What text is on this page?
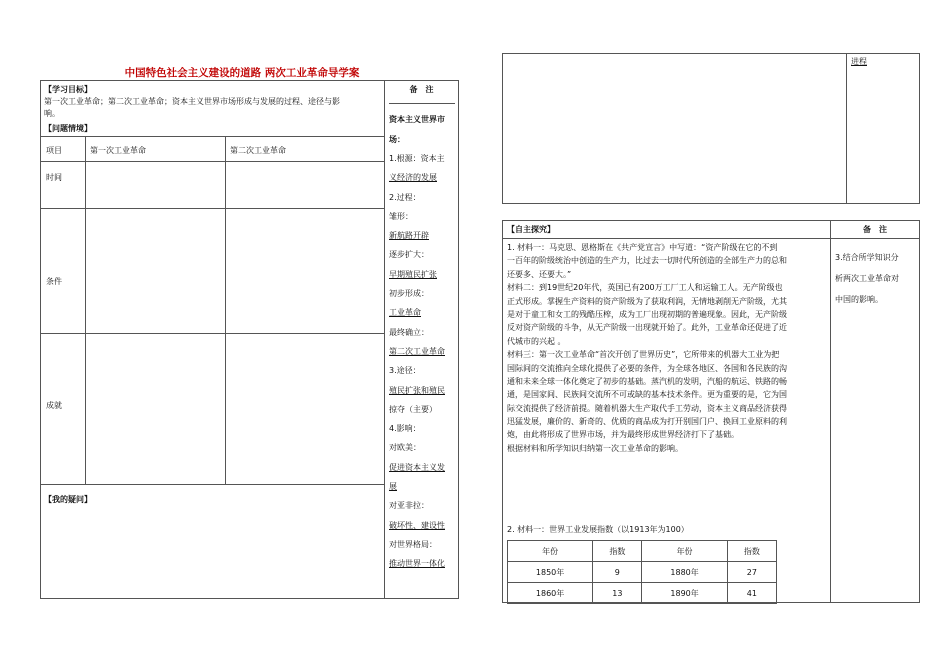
中国特色社会主义建设的道路 两次工业革命导学案
【学习目标】
第一次工业革命；第二次工业革命；资本主义世界市场形成与发展的过程、途径与影
响。
【问题情境】
项目	第一次工业革命	第二次工业革命
时间
条件
成就
【我的疑问】
备　注
资本主义世界市
场：
1.根源：资本主
义经济的发展
2.过程：
雏形：
新航路开辟
逐步扩大：
早期殖民扩张
初步形成：
工业革命
最终确立：
第二次工业革命
3.途径：
殖民扩张和殖民
掠夺（主要）
4.影响：
对欧美：
促进资本主义发
展
对亚非拉：
破坏性、建设性
对世界格局：
推动世界一体化
进程
【自主探究】
1. 材料一：马克思、恩格斯在《共产党宣言》中写道：“资产阶级在它的不到
一百年的阶级统治中创造的生产力，比过去一切时代所创造的全部生产力的总和
还要多、还要大。”
材料二：到19世纪20年代，英国已有200万工厂工人和运输工人。无产阶级也
正式形成。掌握生产资料的资产阶级为了获取利润，无情地剥削无产阶级，尤其
是对于童工和女工的残酷压榨，成为工厂出现初期的普遍现象。因此，无产阶级
反对资产阶级的斗争，从无产阶级一出现就开始了。此外，工业革命还促进了近
代城市的兴起 。
材料三：第一次工业革命“首次开创了世界历史”，它所带来的机器大工业为把
国际间的交流推向全球化提供了必要的条件，为全球各地区、各国和各民族的沟
通和未来全球一体化奠定了初步的基础。蒸汽机的发明，汽船的航运、铁路的畅
通，是国家间、民族间交流所不可或缺的基本技术条件。更为重要的是，它为国
际交流提供了经济前提。随着机器大生产取代手工劳动，资本主义商品经济获得
迅猛发展，廉价的、新奇的、优质的商品成为打开别国门户、换回工业原料的利
炮，由此将形成了世界市场，并为最终形成世界经济打下了基础。
根据材料和所学知识归纳第一次工业革命的影响。
2. 材料一：世界工业发展指数（以1913年为100）
年份	指数	年份	指数
1850年	9	1880年	27
1860年	13	1890年	41
备　注
3.结合所学知识分
析两次工业革命对
中国的影响。
